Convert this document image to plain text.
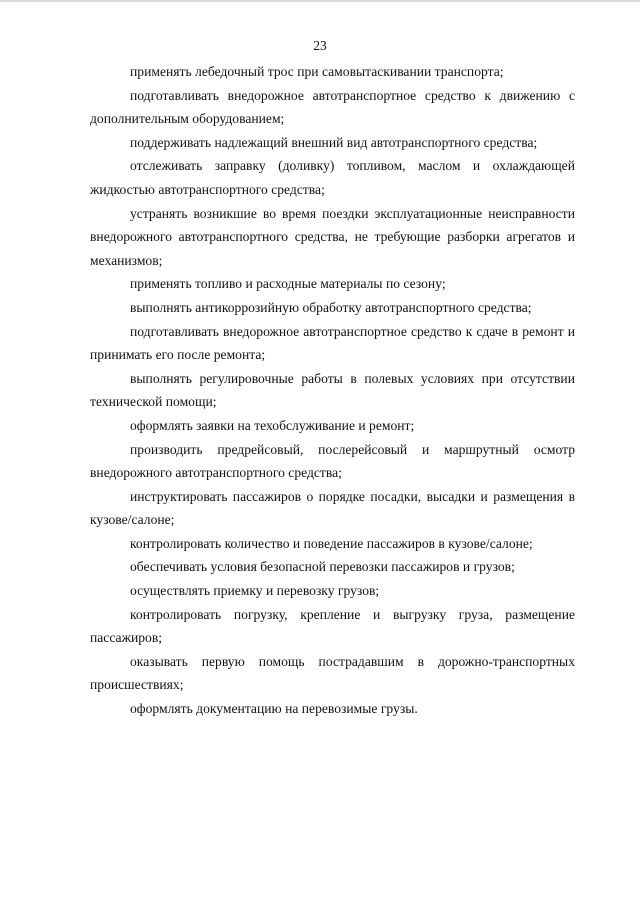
23

применять лебедочный трос при самовытаскивании транспорта;

подготавливать внедорожное автотранспортное средство к движению с дополнительным оборудованием;

поддерживать надлежащий внешний вид автотранспортного средства;

отслеживать заправку (доливку) топливом, маслом и охлаждающей жидкостью автотранспортного средства;

устранять возникшие во время поездки эксплуатационные неисправности внедорожного автотранспортного средства, не требующие разборки агрегатов и механизмов;

применять топливо и расходные материалы по сезону;

выполнять антикоррозийную обработку автотранспортного средства;

подготавливать внедорожное автотранспортное средство к сдаче в ремонт и принимать его после ремонта;

выполнять регулировочные работы в полевых условиях при отсутствии технической помощи;

оформлять заявки на техобслуживание и ремонт;

производить предрейсовый, послерейсовый и маршрутный осмотр внедорожного автотранспортного средства;

инструктировать пассажиров о порядке посадки, высадки и размещения в кузове/салоне;

контролировать количество и поведение пассажиров в кузове/салоне;

обеспечивать условия безопасной перевозки пассажиров и грузов;

осуществлять приемку и перевозку грузов;

контролировать погрузку, крепление и выгрузку груза, размещение пассажиров;

оказывать первую помощь пострадавшим в дорожно-транспортных происшествиях;

оформлять документацию на перевозимые грузы.
